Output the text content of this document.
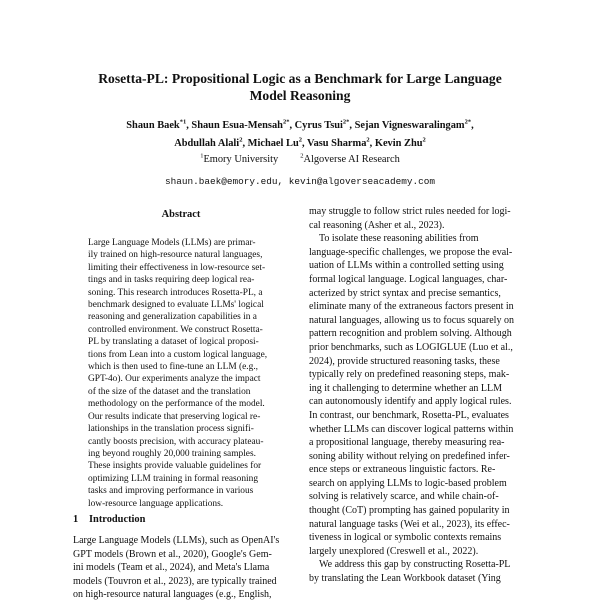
Rosetta-PL: Propositional Logic as a Benchmark for Large Language
Model Reasoning
Shaun Baek$^{*1}$, Shaun Esua-Mensah$^{2*}$, Cyrus Tsui$^{2*}$, Sejan Vigneswaralingam$^{2*}$,
Abdullah Alali$^2$, Michael Lu$^2$, Vasu Sharma$^2$, Kevin Zhu$^2$
$^1$Emory University	$^2$Algoverse AI Research
shaun.baek@emory.edu, kevin@algoverseacademy.com
Abstract
Large Language Models (LLMs) are primar-
ily trained on high-resource natural languages,
limiting their effectiveness in low-resource set-
tings and in tasks requiring deep logical rea-
soning. This research introduces Rosetta-PL, a
benchmark designed to evaluate LLMs' logical
reasoning and generalization capabilities in a
controlled environment. We construct Rosetta-
PL by translating a dataset of logical proposi-
tions from Lean into a custom logical language,
which is then used to fine-tune an LLM (e.g.,
GPT-4o). Our experiments analyze the impact
of the size of the dataset and the translation
methodology on the performance of the model.
Our results indicate that preserving logical re-
lationships in the translation process signifi-
cantly boosts precision, with accuracy plateau-
ing beyond roughly 20,000 training samples.
These insights provide valuable guidelines for
optimizing LLM training in formal reasoning
tasks and improving performance in various
low-resource language applications.
1 Introduction
Large Language Models (LLMs), such as OpenAI's
GPT models (Brown et al., 2020), Google's Gem-
ini models (Team et al., 2024), and Meta's Llama
models (Touvron et al., 2023), are typically trained
on high-resource natural languages (e.g., English,
may struggle to follow strict rules needed for logi-
cal reasoning (Asher et al., 2023).
To isolate these reasoning abilities from
language-specific challenges, we propose the eval-
uation of LLMs within a controlled setting using
formal logical language. Logical languages, char-
acterized by strict syntax and precise semantics,
eliminate many of the extraneous factors present in
natural languages, allowing us to focus squarely on
pattern recognition and problem solving. Although
prior benchmarks, such as LOGIGLUE (Luo et al.,
2024), provide structured reasoning tasks, these
typically rely on predefined reasoning steps, mak-
ing it challenging to determine whether an LLM
can autonomously identify and apply logical rules.
In contrast, our benchmark, Rosetta-PL, evaluates
whether LLMs can discover logical patterns within
a propositional language, thereby measuring rea-
soning ability without relying on predefined infer-
ence steps or extraneous linguistic factors. Re-
search on applying LLMs to logic-based problem
solving is relatively scarce, and while chain-of-
thought (CoT) prompting has gained popularity in
natural language tasks (Wei et al., 2023), its effec-
tiveness in logical or symbolic contexts remains
largely unexplored (Creswell et al., 2022).
We address this gap by constructing Rosetta-PL
by translating the Lean Workbook dataset (Ying
